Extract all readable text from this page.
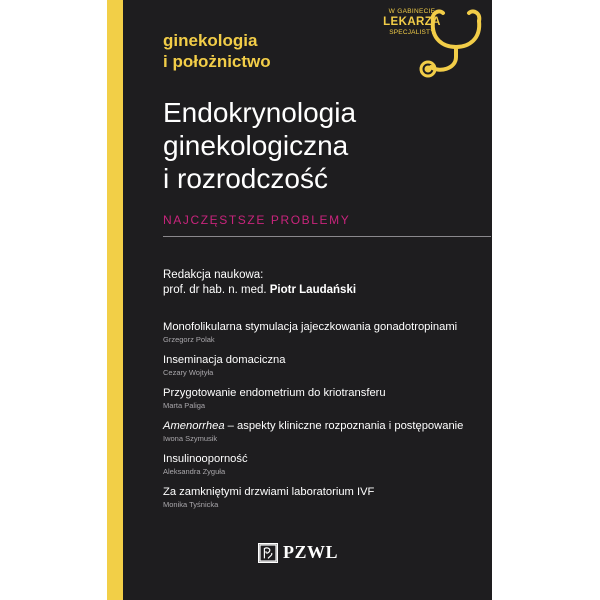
ginekologia
i położnictwo
W GABINECIE
LEKARZA
SPECJALISTY
Endokrynologia
ginekologiczna
i rozrodczość
NAJCZĘSTSZE PROBLEMY
Redakcja naukowa:
prof. dr hab. n. med. Piotr Laudański
Monofolikularna stymulacja jajeczkowania gonadotropinami
Grzegorz Polak
Inseminacja domaciczna
Cezary Wojtyła
Przygotowanie endometrium do kriotransferu
Marta Paliga
Amenorrhea – aspekty kliniczne rozpoznania i postępowanie
Iwona Szymusik
Insulinooporność
Aleksandra Zyguła
Za zamkniętymi drzwiami laboratorium IVF
Monika Tyśnicka
PZWL
